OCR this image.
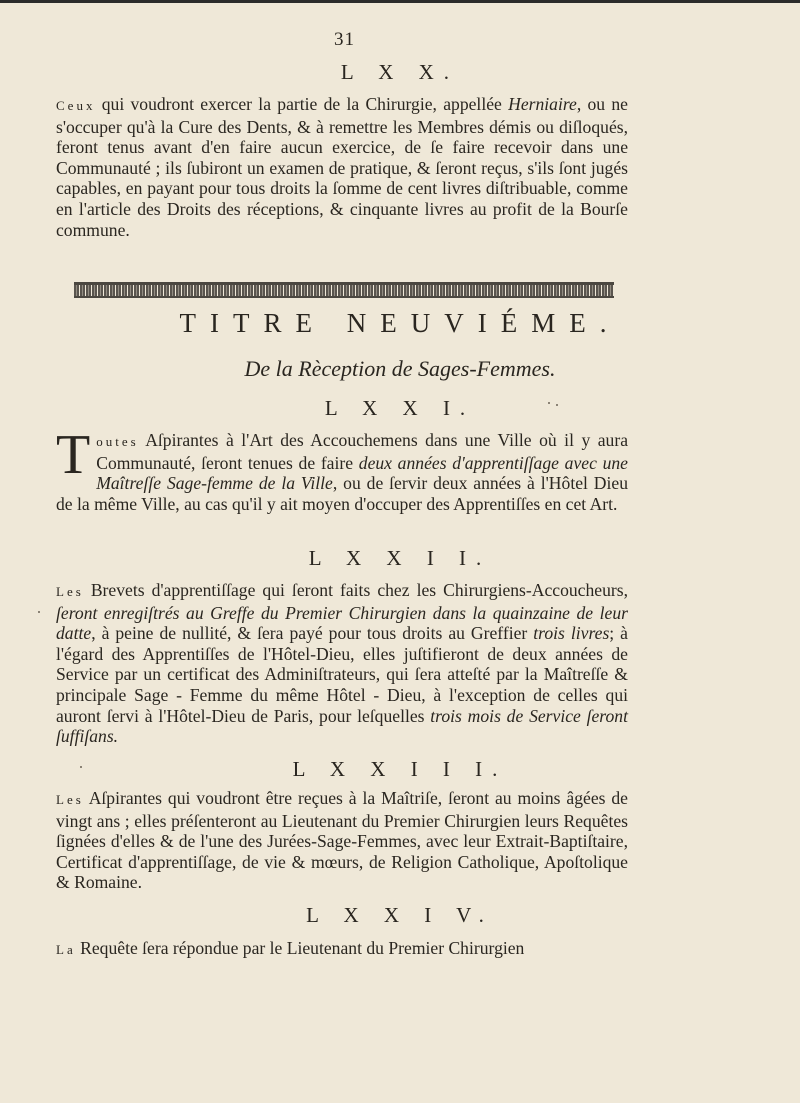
31
L X X.
Ceux qui voudront exercer la partie de la Chirurgie, appellée Herniaire, ou ne s'occuper qu'à la Cure des Dents, & à remettre les Membres démis ou diſloqués, feront tenus avant d'en faire aucun exercice, de ſe faire recevoir dans une Communauté ; ils ſubiront un examen de pratique, & ſeront reçus, s'ils ſont jugés capables, en payant pour tous droits la ſomme de cent livres diſtribuable, comme en l'article des Droits des réceptions, & cinquante livres au profit de la Bourſe commune.
TITRE NEUVIÉME.
De la Rèception de Sages-Femmes.
L X X I.
Toutes Aſpirantes à l'Art des Accouchemens dans une Ville où il y aura Communauté, ſeront tenues de faire deux années d'apprentiſſage avec une Maîtreſſe Sage-femme de la Ville, ou de ſervir deux années à l'Hôtel Dieu de la même Ville, au cas qu'il y ait moyen d'occuper des Apprentiſſes en cet Art.
L X X I I.
Les Brevets d'apprentiſſage qui ſeront faits chez les Chirurgiens-Accoucheurs, ſeront enregiſtrés au Greffe du Premier Chirurgien dans la quainzaine de leur datte, à peine de nullité, & ſera payé pour tous droits au Greffier trois livres; à l'égard des Apprentiſſes de l'Hôtel-Dieu, elles juſtifieront de deux années de Service par un certificat des Adminiſtrateurs, qui ſera atteſté par la Maîtreſſe & principale Sage - Femme du même Hôtel - Dieu, à l'exception de celles qui auront ſervi à l'Hôtel-Dieu de Paris, pour leſquelles trois mois de Service ſeront ſuffiſans.
L X X I I I.
Les Aſpirantes qui voudront être reçues à la Maîtriſe, ſeront au moins âgées de vingt ans ; elles préſenteront au Lieutenant du Premier Chirurgien leurs Requêtes ſignées d'elles & de l'une des Jurées-Sage-Femmes, avec leur Extrait-Baptiſtaire, Certificat d'apprentiſſage, de vie & mœurs, de Religion Catholique, Apoſtolique & Romaine.
L X X I V.
La Requête ſera répondue par le Lieutenant du Premier Chirurgien
